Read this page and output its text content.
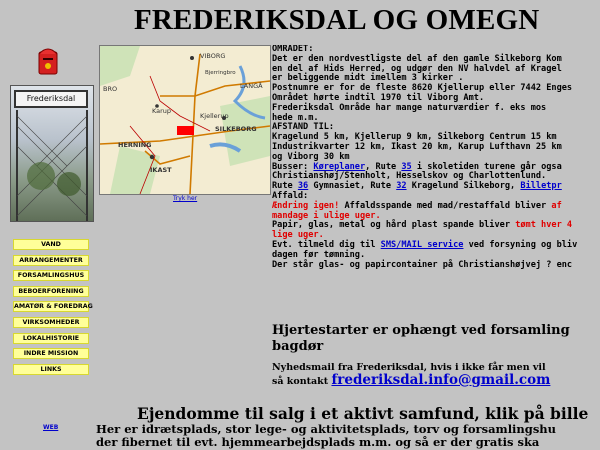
FREDERIKSDAL OG OMEGN
Frederiksdal
VIBORG
Bjerringbro
Karup
Kjellerup
SILKEBORG
HERNING
IKAST
BRO	LANGÅ
Tryk her
VAND
ARRANGEMENTER
FORSAMLINGSHUS
BEBOERFORENING
AMATØR & FOREDRAG
VIRKSOMHEDER
LOKALHISTORIE
INDRE MISSION
LINKS
WEB
OMRÅDET:
Det er den nordvestligste del af den gamle Silkeborg Kom
en del af Hids Herred, og udgør den NV halvdel af Kragel
er beliggende midt imellem 3 kirker .
Postnumre er for de fleste 8620 Kjellerup eller 7442 Enges
Området hørte indtil 1970 til Viborg Amt.
Frederiksdal Område har mange naturværdier f. eks mos
hede m.m.
AFSTAND TIL:
Kragelund 5 km, Kjellerup 9 km, Silkeborg Centrum 15 km
Industrikvarter 12 km, Ikast 20 km, Karup Lufthavn 25 km
og Viborg 30 km
Busser: Køreplaner, Rute 35 i skoletiden turene går ogsa
Christianshøj/Stenholt, Hesselskov og Charlottenlund.
Rute 36 Gymnasiet, Rute 32 Kragelund Silkeborg, Billetpr
Affald:
Ændring igen! Affaldsspande med mad/restaffald bliver af
mandage i ulige uger.
Papir, glas, metal og hård plast spande bliver tømt hver 4
lige uger.
Evt. tilmeld dig til SMS/MAIL service ved forsyning og bliv
dagen før tømning.
Der står glas- og papircontainer på Christianshøjvej ? enc
Hjertestarter er ophængt ved forsamling
bagdør
Nyhedsmail fra Frederiksdal, hvis i ikke får men vil
så kontakt frederiksdal.info@gmail.com
Ejendomme til salg i et aktivt samfund, klik på bille
Her er idrætsplads, stor lege- og aktivitetsplads, torv og forsamlingshu
der fibernet til evt. hjemmearbejdsplads m.m. og så er der gratis ska
